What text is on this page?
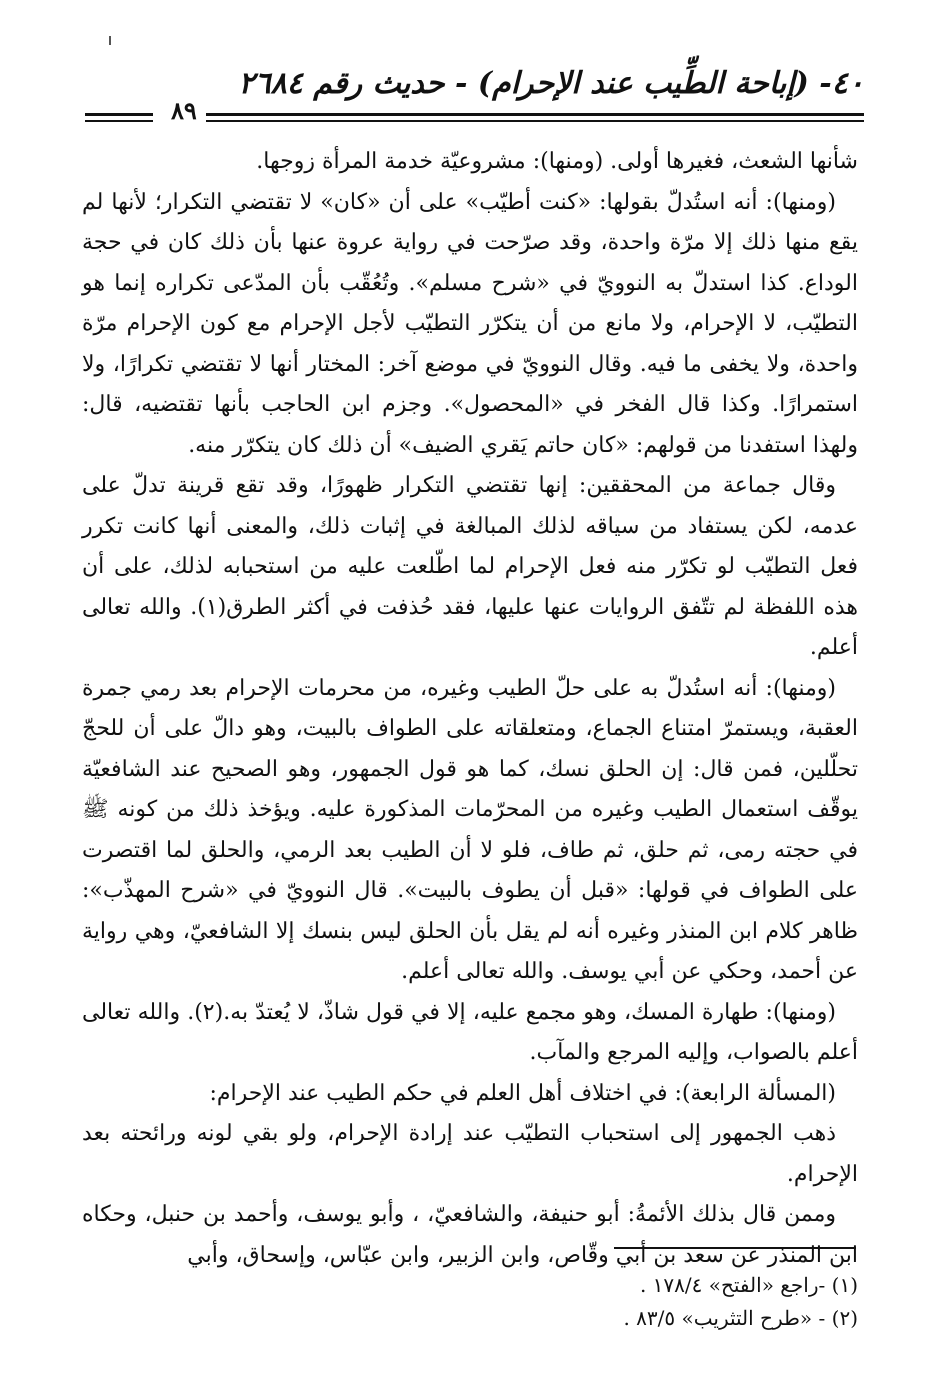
٤٠- (إباحة الطِّيب عند الإحرام) - حديث رقم ٢٦٨٤
٨٩

شأنها الشعث، فغيرها أولى. (ومنها): مشروعيّة خدمة المرأة زوجها.

(ومنها): أنه استُدلّ بقولها: «كنت أطيّب» على أن «كان» لا تقتضي التكرار؛ لأنها لم يقع منها ذلك إلا مرّة واحدة، وقد صرّحت في رواية عروة عنها بأن ذلك كان في حجة الوداع. كذا استدلّ به النوويّ في «شرح مسلم». وتُعُقّب بأن المدّعى تكراره إنما هو التطيّب، لا الإحرام، ولا مانع من أن يتكرّر التطيّب لأجل الإحرام مع كون الإحرام مرّة واحدة، ولا يخفى ما فيه. وقال النوويّ في موضع آخر: المختار أنها لا تقتضي تكرارًا، ولا استمرارًا. وكذا قال الفخر في «المحصول». وجزم ابن الحاجب بأنها تقتضيه، قال: ولهذا استفدنا من قولهم: «كان حاتم يَقري الضيف» أن ذلك كان يتكرّر منه.

وقال جماعة من المحققين: إنها تقتضي التكرار ظهورًا، وقد تقع قرينة تدلّ على عدمه، لكن يستفاد من سياقه لذلك المبالغة في إثبات ذلك، والمعنى أنها كانت تكرر فعل التطيّب لو تكرّر منه فعل الإحرام لما اطّلعت عليه من استحبابه لذلك، على أن هذه اللفظة لم تتّفق الروايات عنها عليها، فقد حُذفت في أكثر الطرق(١). والله تعالى أعلم.

(ومنها): أنه استُدلّ به على حلّ الطيب وغيره، من محرمات الإحرام بعد رمي جمرة العقبة، ويستمرّ امتناع الجماع، ومتعلقاته على الطواف بالبيت، وهو دالّ على أن للحجّ تحلّلين، فمن قال: إن الحلق نسك، كما هو قول الجمهور، وهو الصحيح عند الشافعيّة يوقّف استعمال الطيب وغيره من المحرّمات المذكورة عليه. ويؤخذ ذلك من كونه ﷺ في حجته رمى، ثم حلق، ثم طاف، فلو لا أن الطيب بعد الرمي، والحلق لما اقتصرت على الطواف في قولها: «قبل أن يطوف بالبيت». قال النوويّ في «شرح المهذّب»: ظاهر كلام ابن المنذر وغيره أنه لم يقل بأن الحلق ليس بنسك إلا الشافعيّ، وهي رواية عن أحمد، وحكي عن أبي يوسف. والله تعالى أعلم.

(ومنها): طهارة المسك، وهو مجمع عليه، إلا في قول شاذّ، لا يُعتدّ به.(٢). والله تعالى أعلم بالصواب، وإليه المرجع والمآب.

(المسألة الرابعة): في اختلاف أهل العلم في حكم الطيب عند الإحرام:

ذهب الجمهور إلى استحباب التطيّب عند إرادة الإحرام، ولو بقي لونه ورائحته بعد الإحرام.

وممن قال بذلك الأئمةُ: أبو حنيفة، والشافعيّ، ، وأبو يوسف، وأحمد بن حنبل، وحكاه ابن المنذر عن سعد بن أبي وقّاص، وابن الزبير، وابن عبّاس، وإسحاق، وأبي

(١) -راجع «الفتح» ١٧٨/٤ .

(٢) - «طرح التثريب» ٨٣/٥ .
